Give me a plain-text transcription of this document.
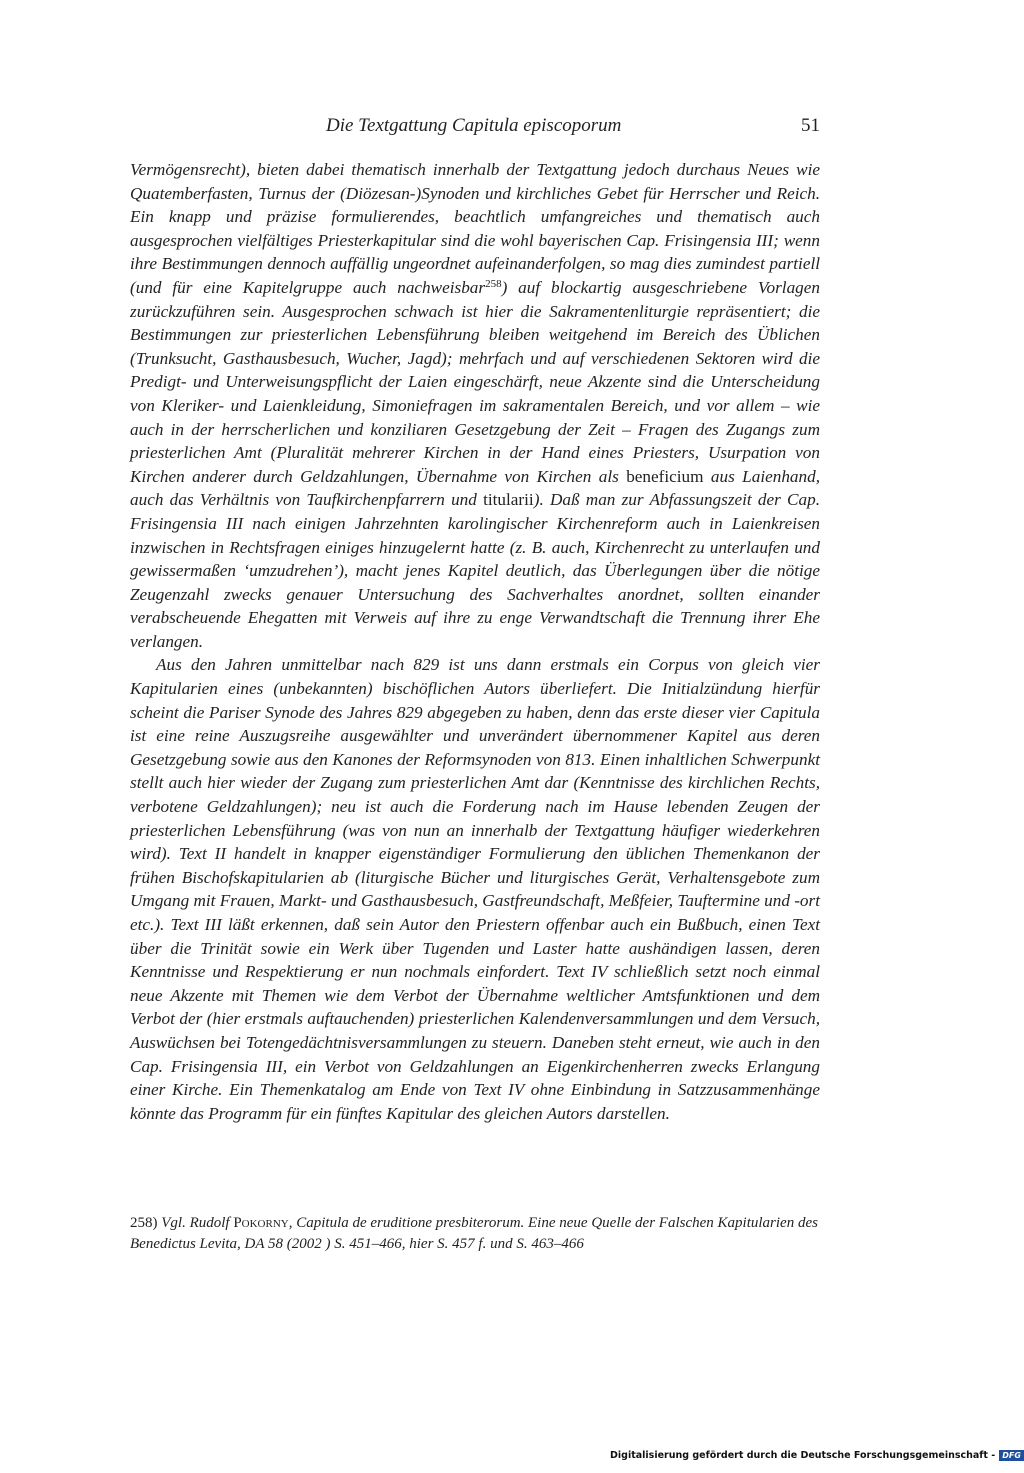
Die Textgattung Capitula episcoporum	51

Vermögensrecht), bieten dabei thematisch innerhalb der Textgattung jedoch durchaus Neues wie Quatemberfasten, Turnus der (Diözesan-)Synoden und kirchliches Gebet für Herrscher und Reich. Ein knapp und präzise formulierendes, beachtlich umfangreiches und thematisch auch ausgesprochen vielfältiges Priesterkapitular sind die wohl bayerischen Cap. Frisingensia III; wenn ihre Bestimmungen dennoch auffällig ungeordnet aufeinanderfolgen, so mag dies zumindest partiell (und für eine Kapitelgruppe auch nachweisbar$^{258}$) auf blockartig ausgeschriebene Vorlagen zurückzuführen sein. Ausgesprochen schwach ist hier die Sakramentenliturgie repräsentiert; die Bestimmungen zur priesterlichen Lebensführung bleiben weitgehend im Bereich des Üblichen (Trunksucht, Gasthausbesuch, Wucher, Jagd); mehrfach und auf verschiedenen Sektoren wird die Predigt- und Unterweisungspflicht der Laien eingeschärft, neue Akzente sind die Unterscheidung von Kleriker- und Laienkleidung, Simoniefragen im sakramentalen Bereich, und vor allem – wie auch in der herrscherlichen und konziliaren Gesetzgebung der Zeit – Fragen des Zugangs zum priesterlichen Amt (Pluralität mehrerer Kirchen in der Hand eines Priesters, Usurpation von Kirchen anderer durch Geldzahlungen, Übernahme von Kirchen als beneficium aus Laienhand, auch das Verhältnis von Taufkirchenpfarrern und titularii). Daß man zur Abfassungszeit der Cap. Frisingensia III nach einigen Jahrzehnten karolingischer Kirchenreform auch in Laienkreisen inzwischen in Rechtsfragen einiges hinzugelernt hatte (z. B. auch, Kirchenrecht zu unterlaufen und gewissermaßen ‘umzudrehen’), macht jenes Kapitel deutlich, das Überlegungen über die nötige Zeugenzahl zwecks genauer Untersuchung des Sachverhaltes anordnet, sollten einander verabscheuende Ehegatten mit Verweis auf ihre zu enge Verwandtschaft die Trennung ihrer Ehe verlangen.

Aus den Jahren unmittelbar nach 829 ist uns dann erstmals ein Corpus von gleich vier Kapitularien eines (unbekannten) bischöflichen Autors überliefert. Die Initialzündung hierfür scheint die Pariser Synode des Jahres 829 abgegeben zu haben, denn das erste dieser vier Capitula ist eine reine Auszugsreihe ausgewählter und unverändert übernommener Kapitel aus deren Gesetzgebung sowie aus den Kanones der Reformsynoden von 813. Einen inhaltlichen Schwerpunkt stellt auch hier wieder der Zugang zum priesterlichen Amt dar (Kenntnisse des kirchlichen Rechts, verbotene Geldzahlungen); neu ist auch die Forderung nach im Hause lebenden Zeugen der priesterlichen Lebensführung (was von nun an innerhalb der Textgattung häufiger wiederkehren wird). Text II handelt in knapper eigenständiger Formulierung den üblichen Themenkanon der frühen Bischofskapitularien ab (liturgische Bücher und liturgisches Gerät, Verhaltensgebote zum Umgang mit Frauen, Markt- und Gasthausbesuch, Gastfreundschaft, Meßfeier, Tauftermine und -ort etc.). Text III läßt erkennen, daß sein Autor den Priestern offenbar auch ein Bußbuch, einen Text über die Trinität sowie ein Werk über Tugenden und Laster hatte aushändigen lassen, deren Kenntnisse und Respektierung er nun nochmals einfordert. Text IV schließlich setzt noch einmal neue Akzente mit Themen wie dem Verbot der Übernahme weltlicher Amtsfunktionen und dem Verbot der (hier erstmals auftauchenden) priesterlichen Kalendenversammlungen und dem Versuch, Auswüchsen bei Totengedächtnisversammlungen zu steuern. Daneben steht erneut, wie auch in den Cap. Frisingensia III, ein Verbot von Geldzahlungen an Eigenkirchenherren zwecks Erlangung einer Kirche. Ein Themenkatalog am Ende von Text IV ohne Einbindung in Satzzusammenhänge könnte das Programm für ein fünftes Kapitular des gleichen Autors darstellen.

258) Vgl. Rudolf Pokorny, Capitula de eruditione presbiterorum. Eine neue Quelle der Falschen Kapitularien des Benedictus Levita, DA 58 (2002 ) S. 451–466, hier S. 457 f. und S. 463–466
Digitalisierung gefördert durch die Deutsche Forschungsgemeinschaft - DFG
